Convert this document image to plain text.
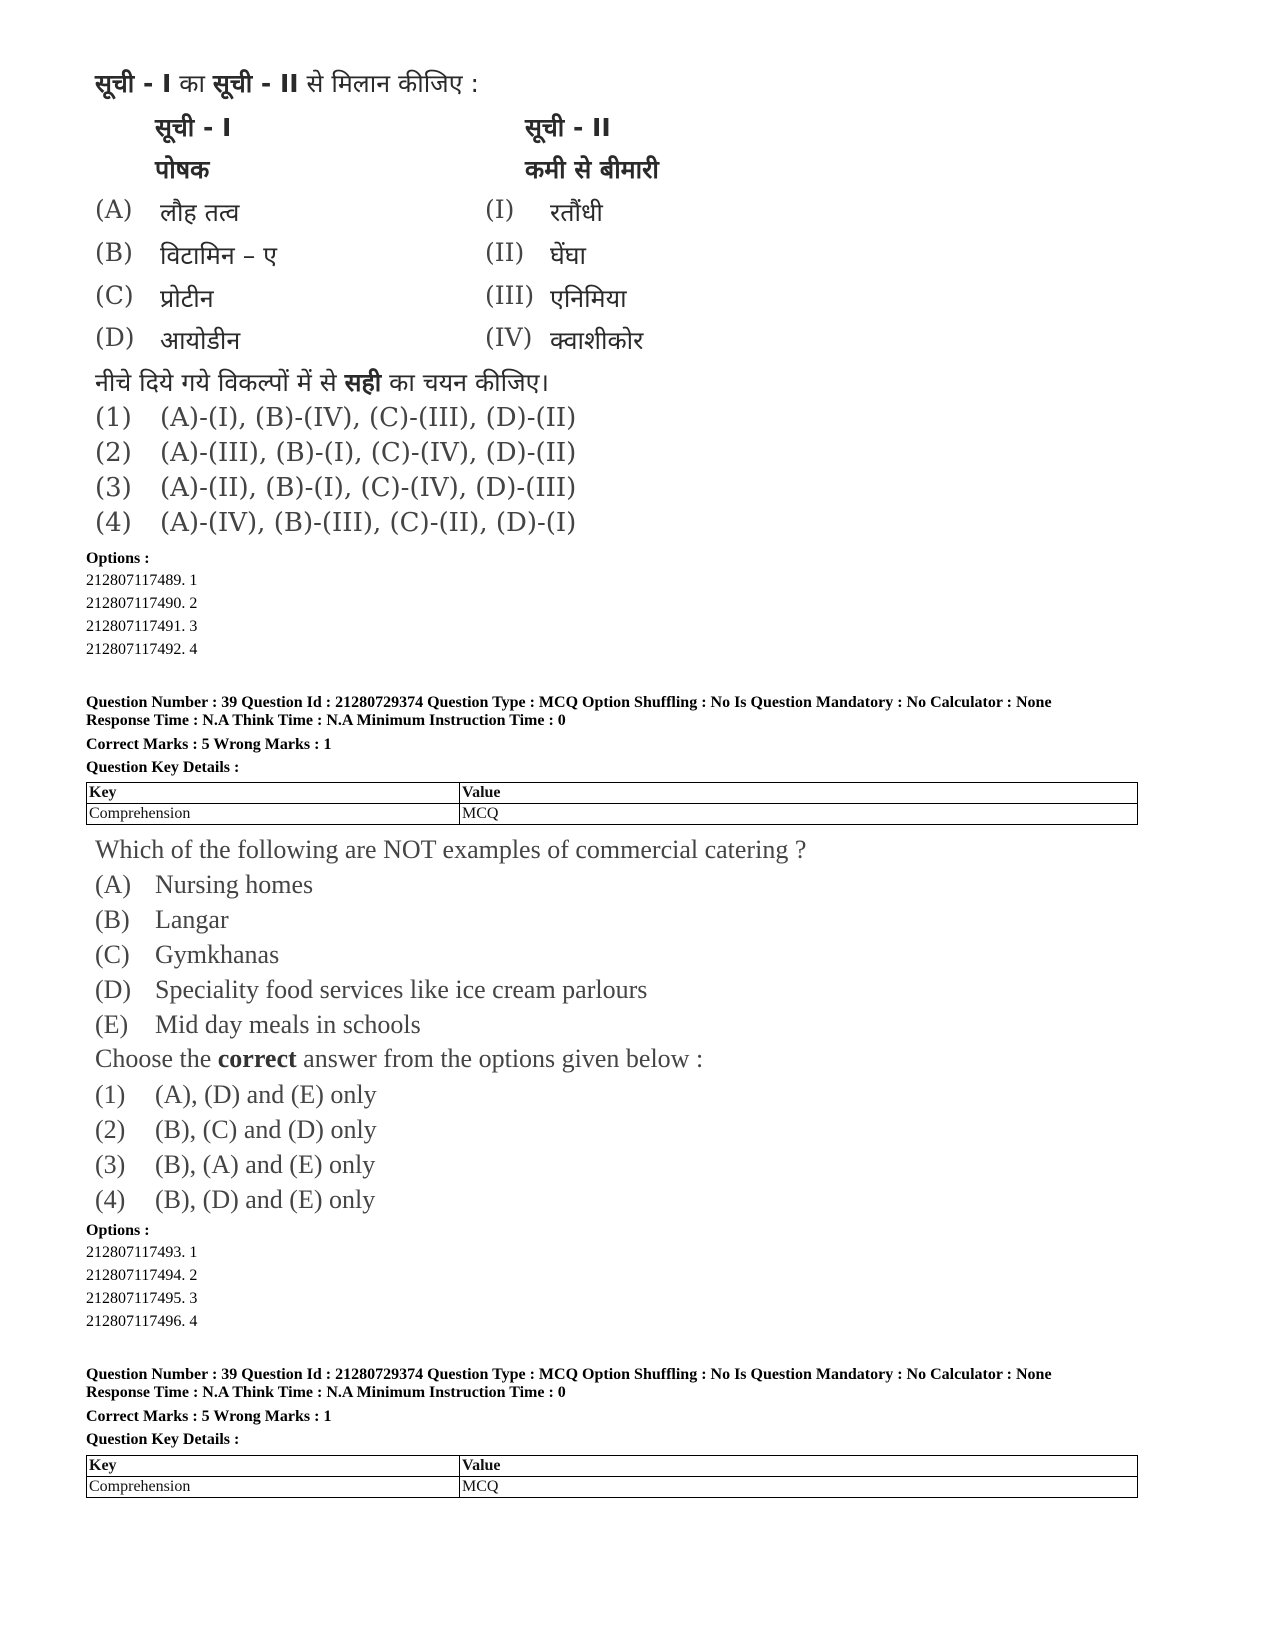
सूची - I का सूची - II से मिलान कीजिए :
सूची - I	सूची - II
पोषक	कमी से बीमारी
(A) लौह तत्व	(I) रतौंधी
(B) विटामिन – ए	(II) घेंघा
(C) प्रोटीन	(III) एनिमिया
(D) आयोडीन	(IV) क्वाशीकोर
नीचे दिये गये विकल्पों में से सही का चयन कीजिए।
(1) (A)-(I), (B)-(IV), (C)-(III), (D)-(II)
(2) (A)-(III), (B)-(I), (C)-(IV), (D)-(II)
(3) (A)-(II), (B)-(I), (C)-(IV), (D)-(III)
(4) (A)-(IV), (B)-(III), (C)-(II), (D)-(I)
Options :
212807117489. 1
212807117490. 2
212807117491. 3
212807117492. 4
Question Number : 39 Question Id : 21280729374 Question Type : MCQ Option Shuffling : No Is Question Mandatory : No Calculator : None
Response Time : N.A Think Time : N.A Minimum Instruction Time : 0
Correct Marks : 5 Wrong Marks : 1
Question Key Details :
Key	Value
Comprehension	MCQ
Which of the following are NOT examples of commercial catering ?
(A) Nursing homes
(B) Langar
(C) Gymkhanas
(D) Speciality food services like ice cream parlours
(E) Mid day meals in schools
Choose the correct answer from the options given below :
(1) (A), (D) and (E) only
(2) (B), (C) and (D) only
(3) (B), (A) and (E) only
(4) (B), (D) and (E) only
Options :
212807117493. 1
212807117494. 2
212807117495. 3
212807117496. 4
Question Number : 39 Question Id : 21280729374 Question Type : MCQ Option Shuffling : No Is Question Mandatory : No Calculator : None
Response Time : N.A Think Time : N.A Minimum Instruction Time : 0
Correct Marks : 5 Wrong Marks : 1
Question Key Details :
Key	Value
Comprehension	MCQ
